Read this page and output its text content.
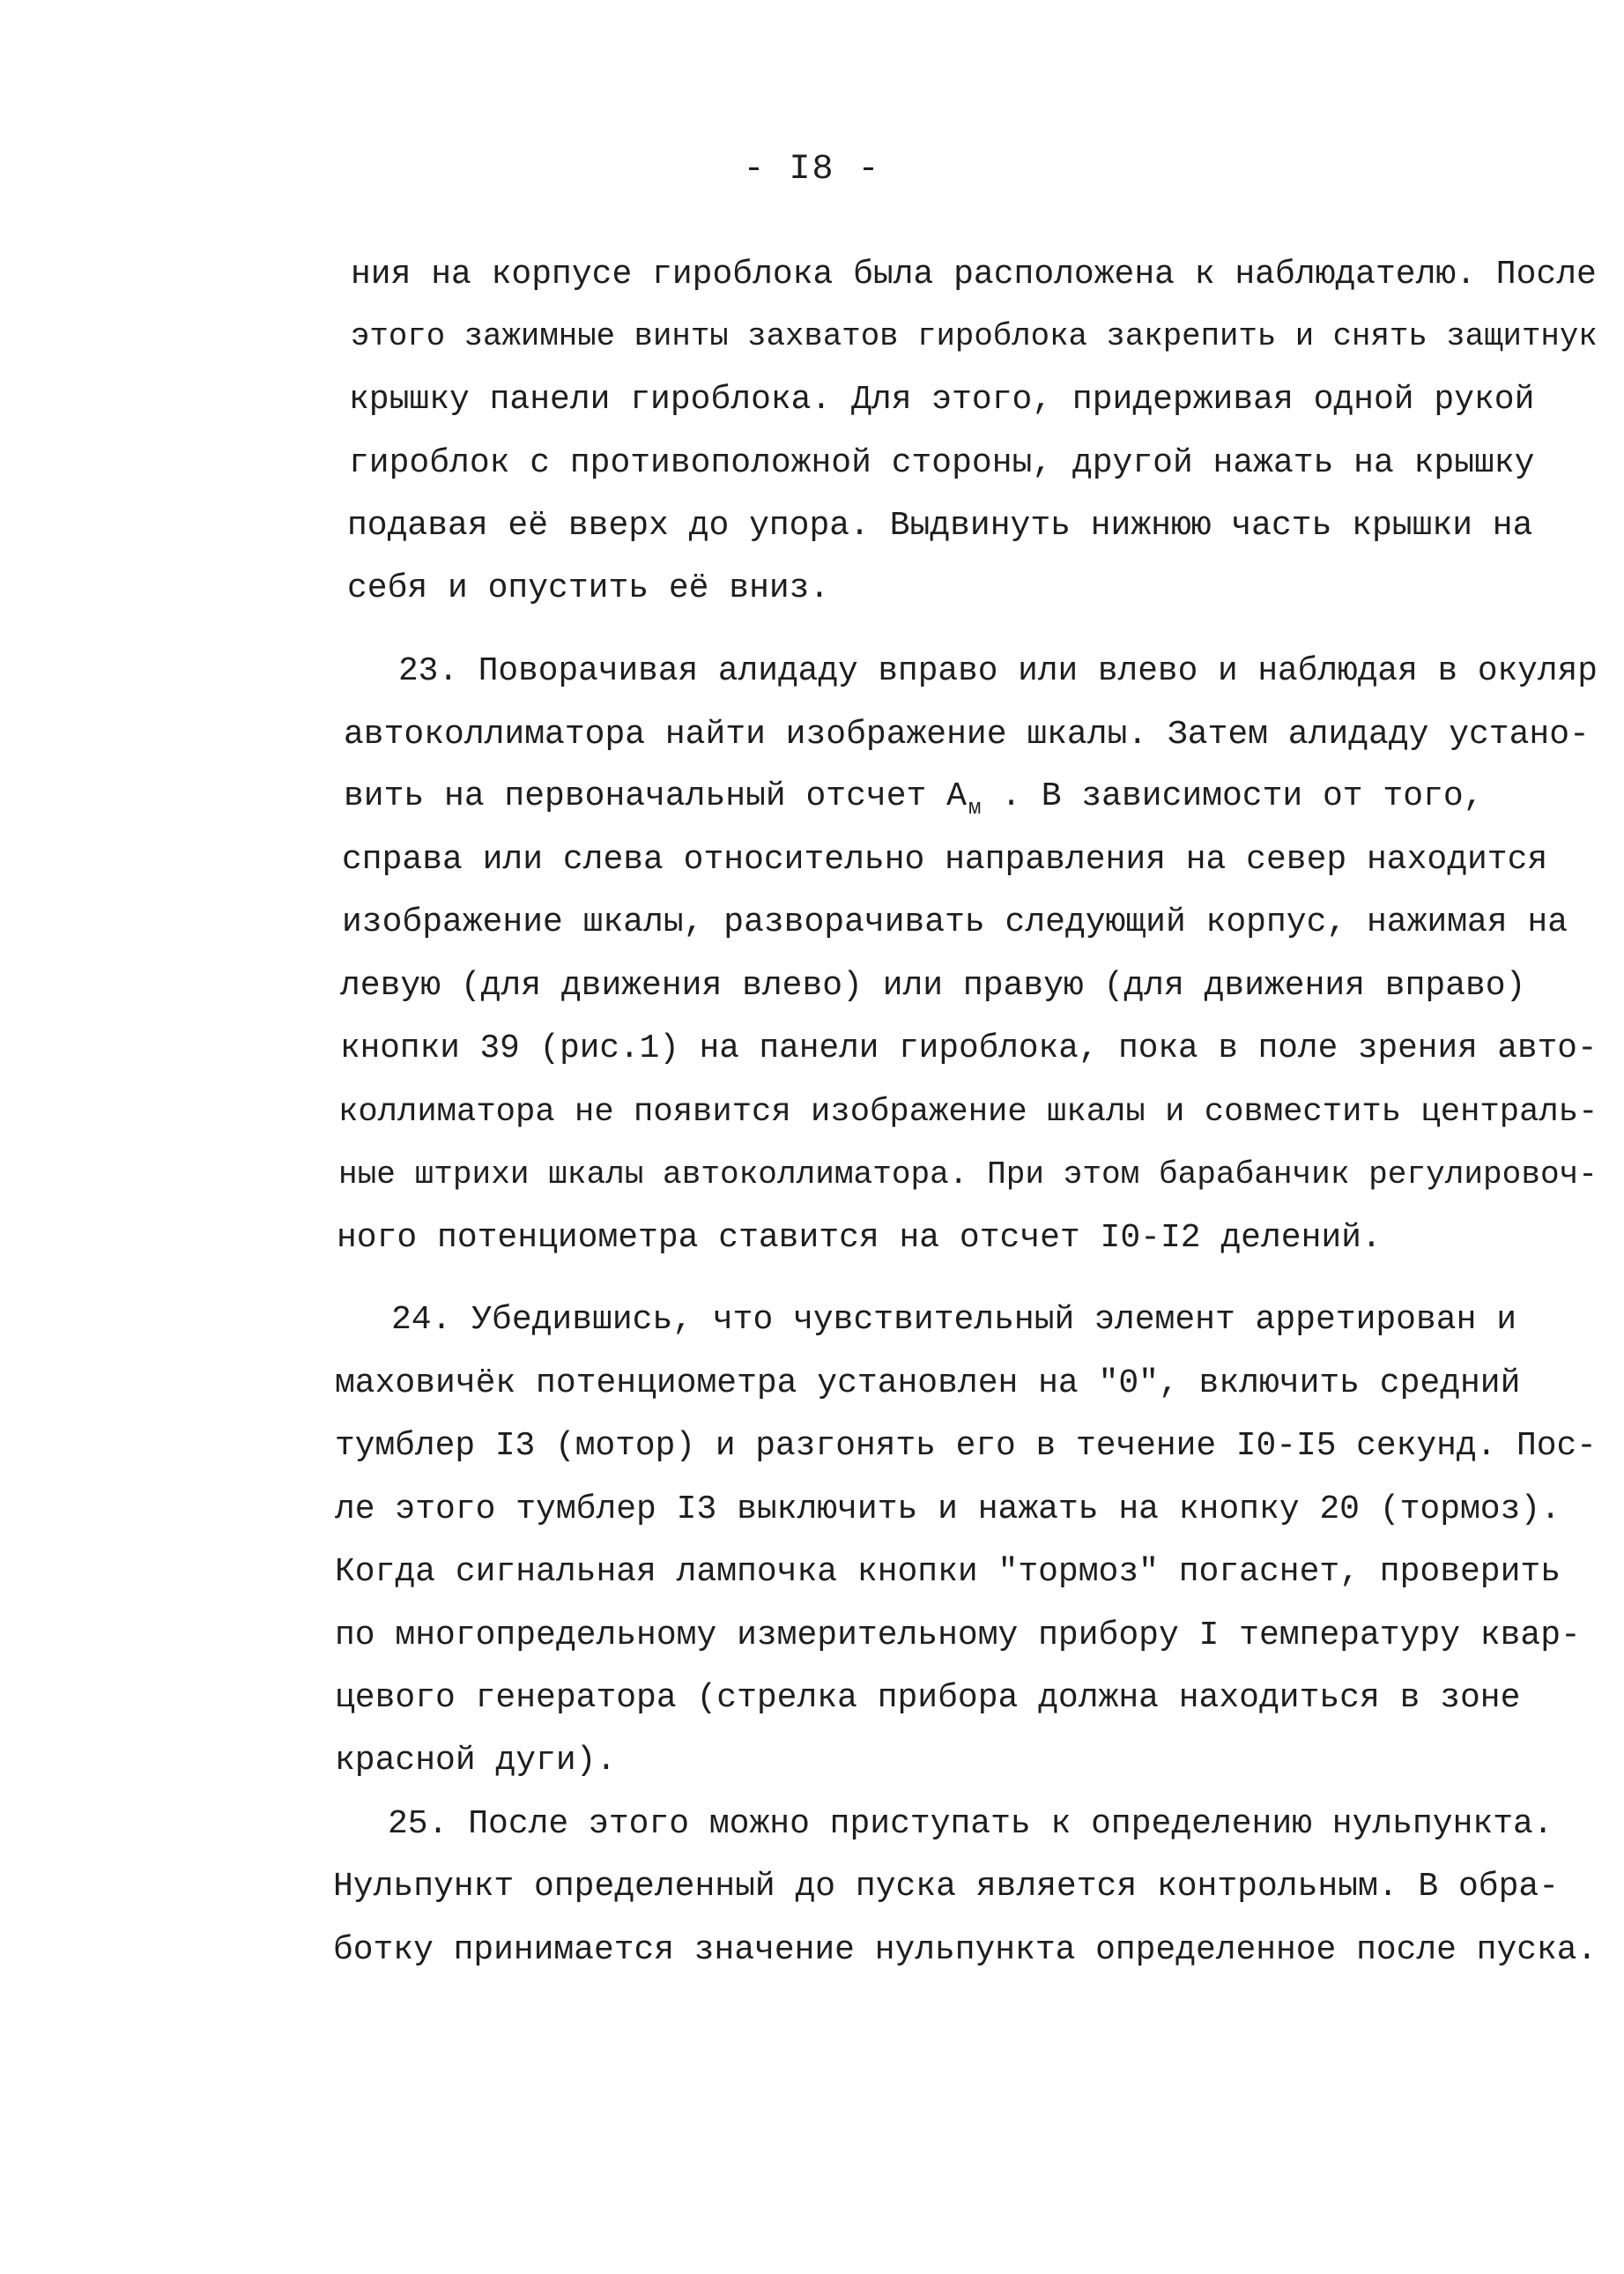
- I8 -
ния на корпусе гироблока была расположена к наблюдателю. После
этого зажимные винты захватов гироблока закрепить и снять защитнук
крышку панели гироблока. Для этого, придерживая одной рукой
гироблок с противоположной стороны, другой нажать на крышку
подавая её вверх до упора. Выдвинуть нижнюю часть крышки на
себя и опустить её вниз.
23. Поворачивая алидаду вправо или влево и наблюдая в окуляр
автоколлиматора найти изображение шкалы. Затем алидаду устано-
вить на первоначальный отсчет $А_м$ . В зависимости от того,
справа или слева относительно направления на север находится
изображение шкалы, разворачивать следующий корпус, нажимая на
левую (для движения влево) или правую (для движения вправо)
кнопки 39 (рис.1) на панели гироблока, пока в поле зрения авто-
коллиматора не появится изображение шкалы и совместить централь-
ные штрихи шкалы автоколлиматора. При этом барабанчик регулировоч-
ного потенциометра ставится на отсчет I0-I2 делений.
24. Убедившись, что чувствительный элемент арретирован и
маховичёк потенциометра установлен на "0", включить средний
тумблер I3 (мотор) и разгонять его в течение I0-I5 секунд. Пос-
ле этого тумблер I3 выключить и нажать на кнопку 20 (тормоз).
Когда сигнальная лампочка кнопки "тормоз" погаснет, проверить
по многопредельному измерительному прибору I температуру квар-
цевого генератора (стрелка прибора должна находиться в зоне
красной дуги).
25. После этого можно приступать к определению нульпункта.
Нульпункт определенный до пуска является контрольным. В обра-
ботку принимается значение нульпункта определенное после пуска.
